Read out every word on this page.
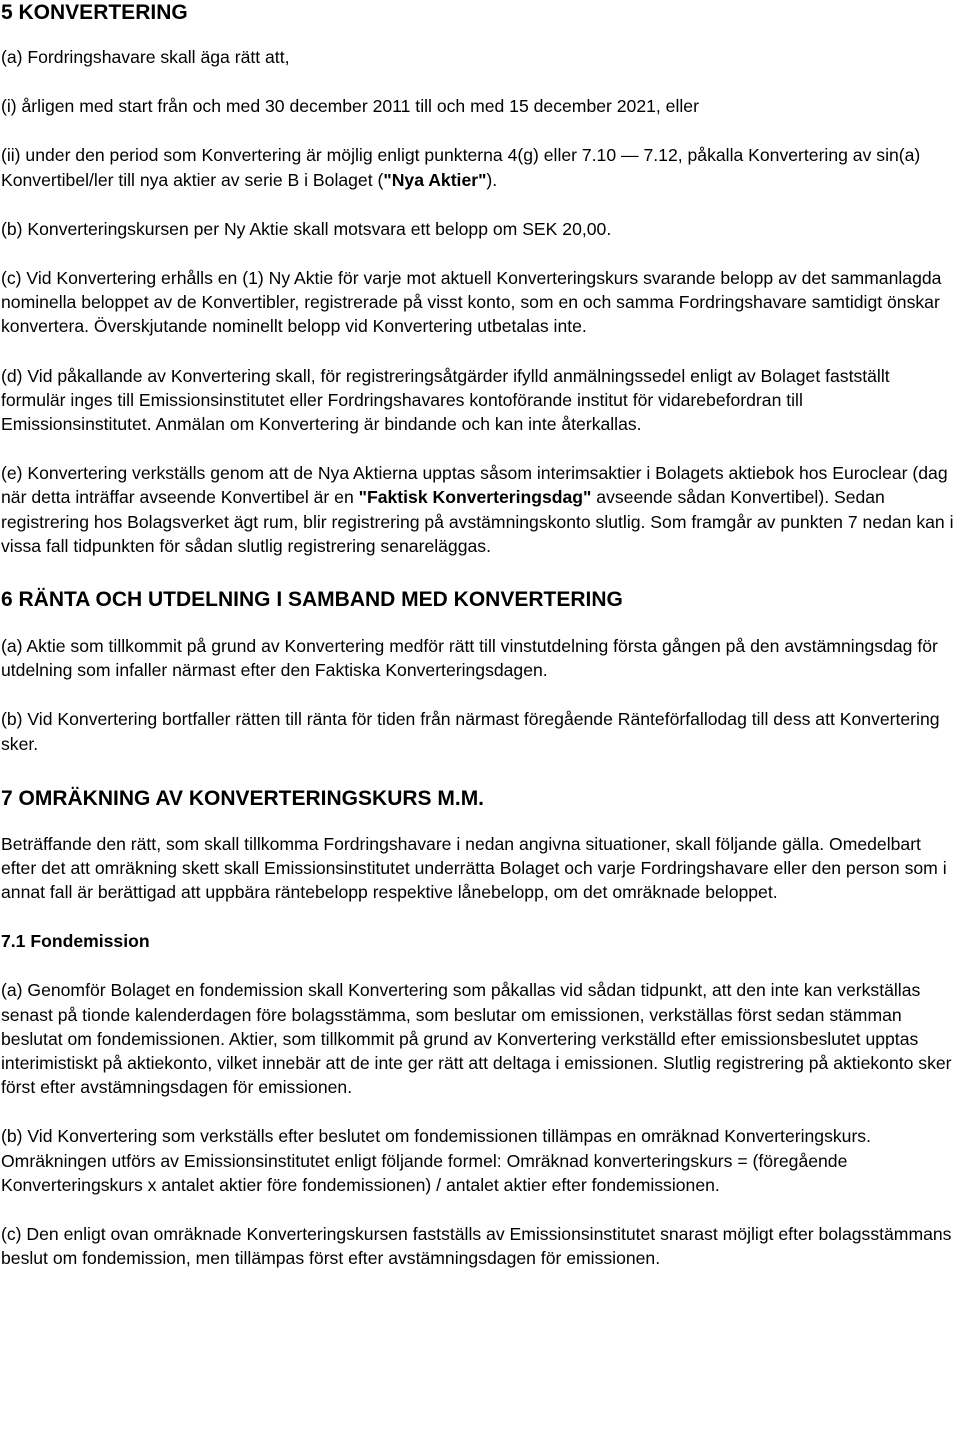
5 KONVERTERING

(a) Fordringshavare skall äga rätt att,

(i) årligen med start från och med 30 december 2011 till och med 15 december 2021, eller

(ii) under den period som Konvertering är möjlig enligt punkterna 4(g) eller 7.10 — 7.12, påkalla Konvertering av sin(a) Konvertibel/ler till nya aktier av serie B i Bolaget ("Nya Aktier").

(b) Konverteringskursen per Ny Aktie skall motsvara ett belopp om SEK 20,00.

(c) Vid Konvertering erhålls en (1) Ny Aktie för varje mot aktuell Konverteringskurs svarande belopp av det sammanlagda nominella beloppet av de Konvertibler, registrerade på visst konto, som en och samma Fordringshavare samtidigt önskar konvertera. Överskjutande nominellt belopp vid Konvertering utbetalas inte.

(d) Vid påkallande av Konvertering skall, för registreringsåtgärder ifylld anmälningssedel enligt av Bolaget fastställt formulär inges till Emissionsinstitutet eller Fordringshavares kontoförande institut för vidarebefordran till Emissionsinstitutet. Anmälan om Konvertering är bindande och kan inte återkallas.

(e) Konvertering verkställs genom att de Nya Aktierna upptas såsom interimsaktier i Bolagets aktiebok hos Euroclear (dag när detta inträffar avseende Konvertibel är en "Faktisk Konverteringsdag" avseende sådan Konvertibel). Sedan registrering hos Bolagsverket ägt rum, blir registrering på avstämningskonto slutlig. Som framgår av punkten 7 nedan kan i vissa fall tidpunkten för sådan slutlig registrering senareläggas.

6 RÄNTA OCH UTDELNING I SAMBAND MED KONVERTERING

(a) Aktie som tillkommit på grund av Konvertering medför rätt till vinstutdelning första gången på den avstämningsdag för utdelning som infaller närmast efter den Faktiska Konverteringsdagen.

(b) Vid Konvertering bortfaller rätten till ränta för tiden från närmast föregående Ränteförfallodag till dess att Konvertering sker.

7 OMRÄKNING AV KONVERTERINGSKURS M.M.

Beträffande den rätt, som skall tillkomma Fordringshavare i nedan angivna situationer, skall följande gälla. Omedelbart efter det att omräkning skett skall Emissionsinstitutet underrätta Bolaget och varje Fordringshavare eller den person som i annat fall är berättigad att uppbära räntebelopp respektive lånebelopp, om det omräknade beloppet.

7.1 Fondemission

(a) Genomför Bolaget en fondemission skall Konvertering som påkallas vid sådan tidpunkt, att den inte kan verkställas senast på tionde kalenderdagen före bolagsstämma, som beslutar om emissionen, verkställas först sedan stämman beslutat om fondemissionen. Aktier, som tillkommit på grund av Konvertering verkställd efter emissionsbeslutet upptas interimistiskt på aktiekonto, vilket innebär att de inte ger rätt att deltaga i emissionen. Slutlig registrering på aktiekonto sker först efter avstämningsdagen för emissionen.

(b) Vid Konvertering som verkställs efter beslutet om fondemissionen tillämpas en omräknad Konverteringskurs. Omräkningen utförs av Emissionsinstitutet enligt följande formel: Omräknad konverteringskurs = (föregående Konverteringskurs x antalet aktier före fondemissionen) / antalet aktier efter fondemissionen.

(c) Den enligt ovan omräknade Konverteringskursen fastställs av Emissionsinstitutet snarast möjligt efter bolagsstämmans beslut om fondemission, men tillämpas först efter avstämningsdagen för emissionen.
